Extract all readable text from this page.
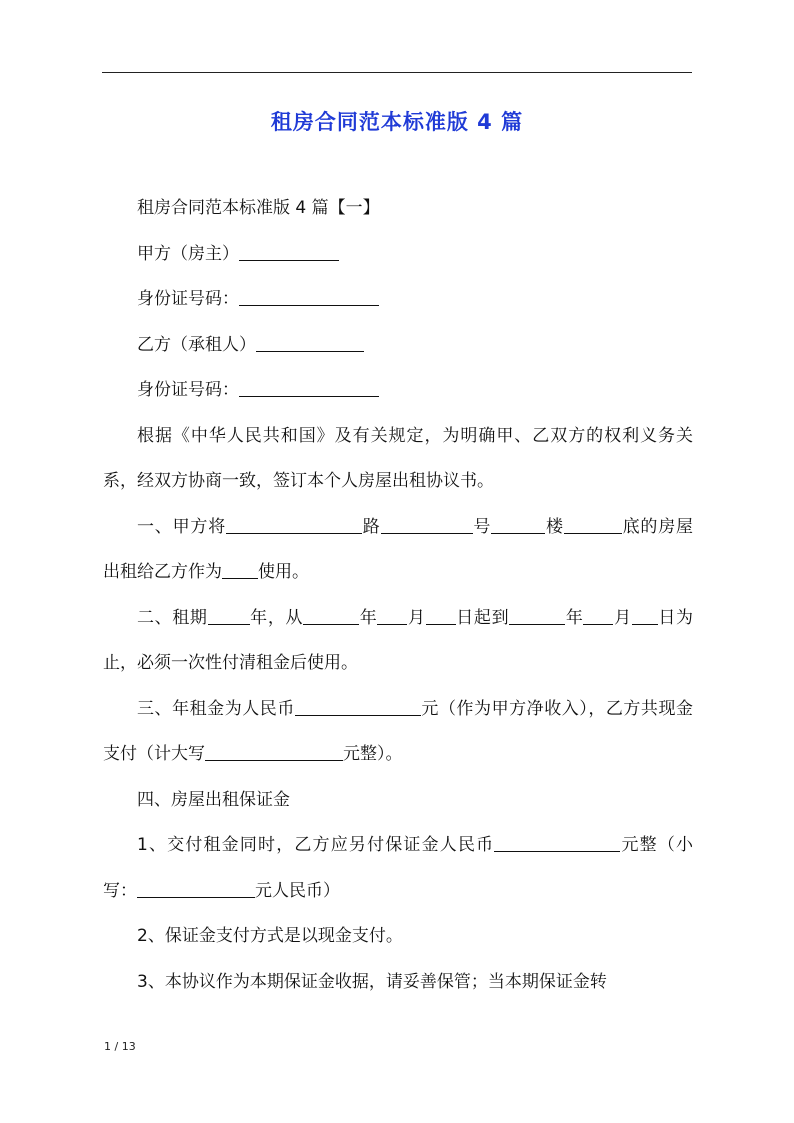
租房合同范本标准版 4 篇

租房合同范本标准版 4 篇【一】

甲方（房主）

身份证号码：

乙方（承租人）

身份证号码：

根据《中华人民共和国》及有关规定，为明确甲、乙双方的权利义务关系，经双方协商一致，签订本个人房屋出租协议书。

一、甲方将	路	号	楼	底的房屋出租给乙方作为 使用。

二、租期 年，从	年 月 日起到	年 月 日为止，必须一次性付清租金后使用。

三、年租金为人民币	元（作为甲方净收入），乙方共现金支付（计大写	元整）。

四、房屋出租保证金

1、交付租金同时，乙方应另付保证金人民币	元整（小写：	元人民币）

2、保证金支付方式是以现金支付。

3、本协议作为本期保证金收据，请妥善保管；当本期保证金转

1 / 13
